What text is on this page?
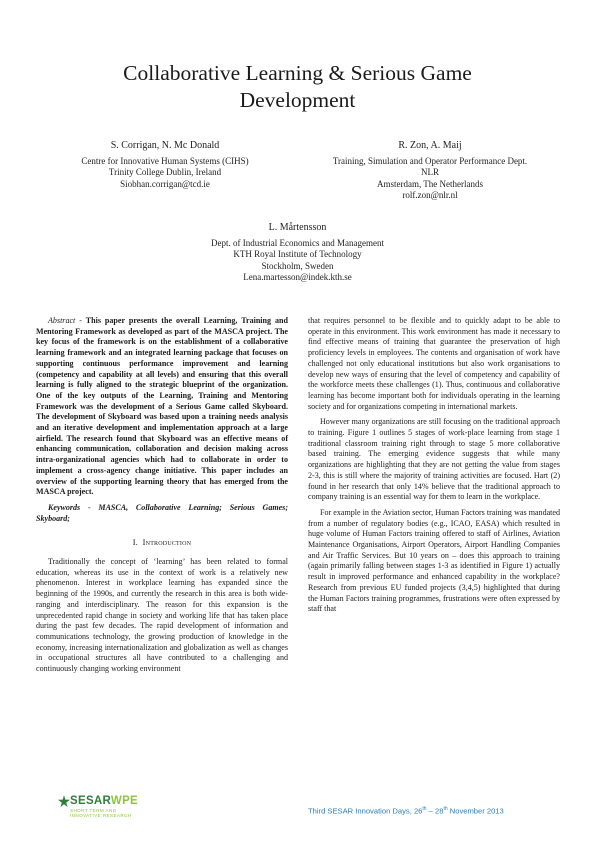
Collaborative Learning & Serious Game
Development
S. Corrigan, N. Mc Donald
Centre for Innovative Human Systems (CIHS)
Trinity College Dublin, Ireland
Siobhan.corrigan@tcd.ie
R. Zon, A. Maij
Training, Simulation and Operator Performance Dept.
NLR
Amsterdam, The Netherlands
rolf.zon@nlr.nl
L. Mårtensson
Dept. of Industrial Economics and Management
KTH Royal Institute of Technology
Stockholm, Sweden
Lena.martesson@indek.kth.se

Abstract - This paper presents the overall Learning, Training and Mentoring Framework as developed as part of the MASCA project. The key focus of the framework is on the establishment of a collaborative learning framework and an integrated learning package that focuses on supporting continuous performance improvement and learning (competency and capability at all levels) and ensuring that this overall learning is fully aligned to the strategic blueprint of the organization. One of the key outputs of the Learning, Training and Mentoring Framework was the development of a Serious Game called Skyboard. The development of Skyboard was based upon a training needs analysis and an iterative development and implementation approach at a large airfield. The research found that Skyboard was an effective means of enhancing communication, collaboration and decision making across intra-organizational agencies which had to collaborate in order to implement a cross-agency change initiative. This paper includes an overview of the supporting learning theory that has emerged from the MASCA project.

Keywords - MASCA, Collaborative Learning; Serious Games; Skyboard;

I. Introduction

Traditionally the concept of ‘learning’ has been related to formal education, whereas its use in the context of work is a relatively new phenomenon. Interest in workplace learning has expanded since the beginning of the 1990s, and currently the research in this area is both wide-ranging and interdisciplinary. The reason for this expansion is the unprecedented rapid change in society and working life that has taken place during the past few decades. The rapid development of information and communications technology, the growing production of knowledge in the economy, increasing internationalization and globalization as well as changes in occupational structures all have contributed to a challenging and continuously changing working environment

that requires personnel to be flexible and to quickly adapt to be able to operate in this environment. This work environment has made it necessary to find effective means of training that guarantee the preservation of high proficiency levels in employees. The contents and organisation of work have challenged not only educational institutions but also work organisations to develop new ways of ensuring that the level of competency and capability of the workforce meets these challenges (1). Thus, continuous and collaborative learning has become important both for individuals operating in the learning society and for organizations competing in international markets.

However many organizations are still focusing on the traditional approach to training. Figure 1 outlines 5 stages of work-place learning from stage 1 traditional classroom training right through to stage 5 more collaborative based training. The emerging evidence suggests that while many organizations are highlighting that they are not getting the value from stages 2-3, this is still where the majority of training activities are focused. Hart (2) found in her research that only 14% believe that the traditional approach to company training is an essential way for them to learn in the workplace.

For example in the Aviation sector, Human Factors training was mandated from a number of regulatory bodies (e.g., ICAO, EASA) which resulted in huge volume of Human Factors training offered to staff of Airlines, Aviation Maintenance Organisations, Airport Operators, Airport Handling Companies and Air Traffic Services. But 10 years on – does this approach to training (again primarily falling between stages 1-3 as identified in Figure 1) actually result in improved performance and enhanced capability in the workplace? Research from previous EU funded projects (3,4,5) highlighted that during the Human Factors training programmes, frustrations were often expressed by staff that

SESARWPE
SHORT TERM AND
INNOVATIVE RESEARCH	Third SESAR Innovation Days, 26th – 28th November 2013
